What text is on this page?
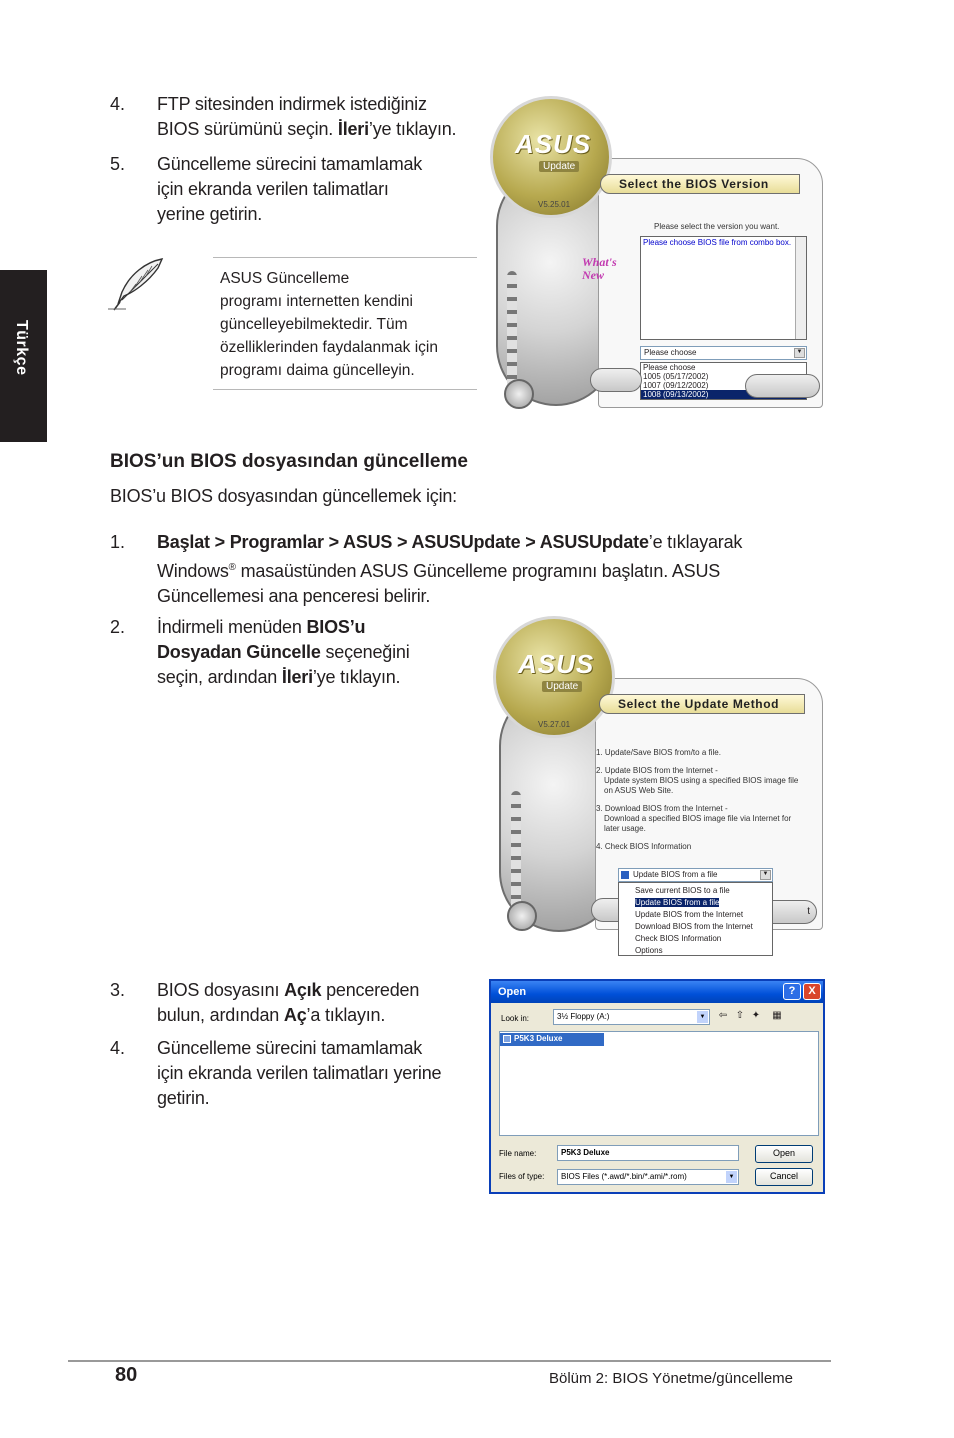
Türkçe
4. FTP sitesinden indirmek istediğiniz
BIOS sürümünü seçin. İleri’ye tıklayın.
5. Güncelleme sürecini tamamlamak
için ekranda verilen talimatları
yerine getirin.
ASUS Güncelleme
programı internetten kendini
güncelleyebilmektedir. Tüm
özelliklerinden faydalanmak için
programı daima güncelleyin.
ASUS
Update
V5.25.01
Select the BIOS Version
What's New
Please select the version you want.
Please choose BIOS file from combo box.
Please choose	▼
Please choose
1005 (05/17/2002)
1007 (09/12/2002)
1008 (09/13/2002)
BIOS’un BIOS dosyasından güncelleme
BIOS’u BIOS dosyasından güncellemek için:
1. Başlat > Programlar > ASUS > ASUSUpdate > ASUSUpdate’e tıklayarak
Windows® masaüstünden ASUS Güncelleme programını başlatın. ASUS
Güncellemesi ana penceresi belirir.
2. İndirmeli menüden BIOS’u
Dosyadan Güncelle seçeneğini
seçin, ardından İleri’ye tıklayın.	ASUS
Update
V5.27.01
Select the Update Method
1. Update/Save BIOS from/to a file.
2. Update BIOS from the Internet -
Update system BIOS using a specified BIOS image file
on ASUS Web Site.
3. Download BIOS from the Internet -
Download a specified BIOS image file via Internet for
later usage.
4. Check BIOS Information
t
Update BIOS from a file	▼
Save current BIOS to a file
Update BIOS from a file
Update BIOS from the Internet
Download BIOS from the Internet
Check BIOS Information
Options
3. BIOS dosyasını Açık pencereden
bulun, ardından Aç’a tıklayın.
4. Güncelleme sürecini tamamlamak
için ekranda verilen talimatları yerine
getirin.
Open	?	X
Look in:	3½ Floppy (A:)	▼ ⇦ ⇧ ✦	▦
P5K3 Deluxe
File name:	P5K3 Deluxe
Files of type:	BIOS Files (*.awd/*.bin/*.ami/*.rom)	▼
Open
Cancel
80	Bölüm 2: BIOS Yönetme/güncelleme
